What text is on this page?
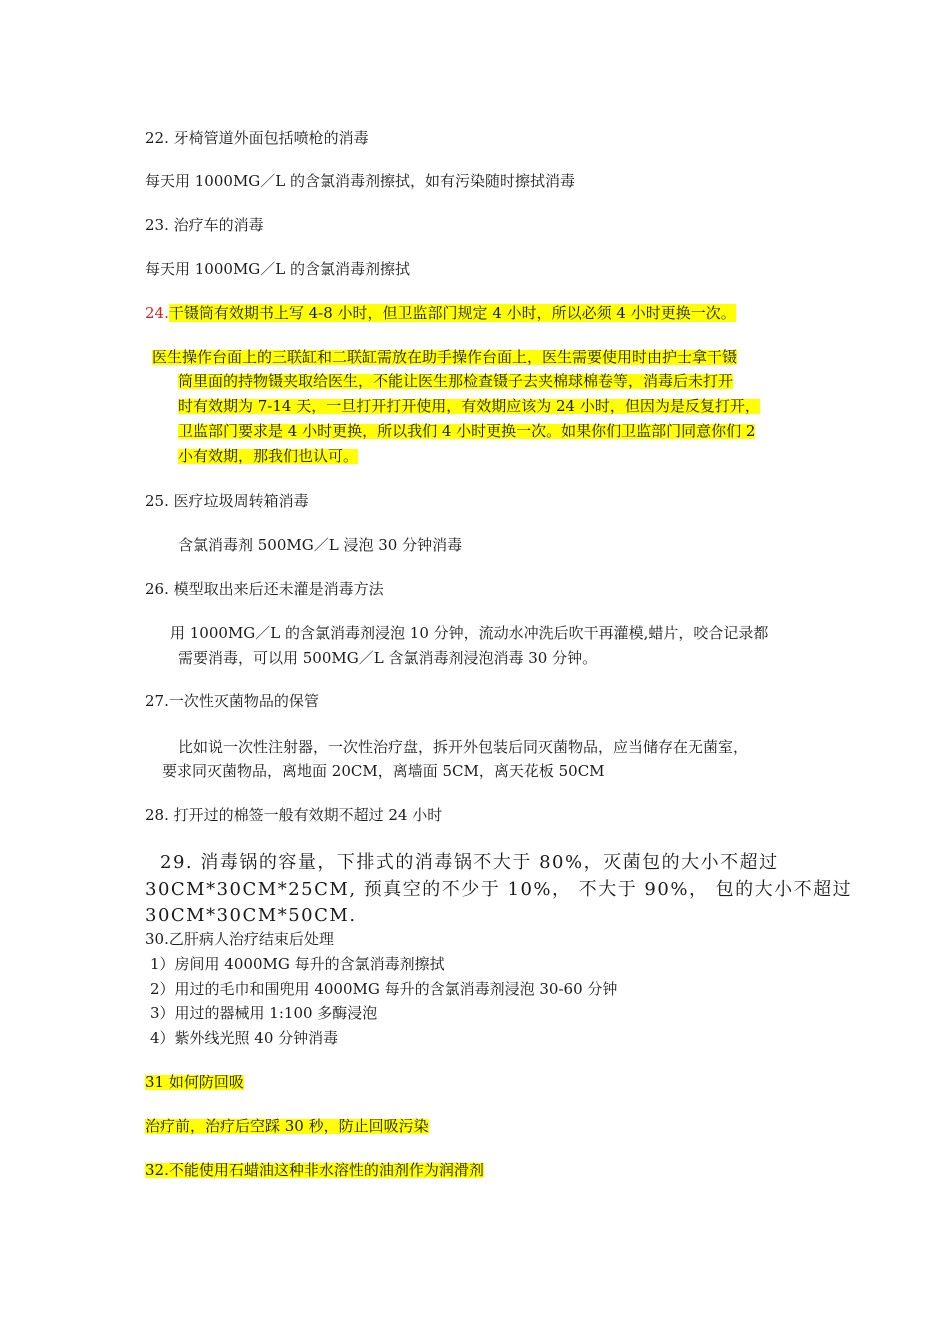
22. 牙椅管道外面包括喷枪的消毒
每天用 1000MG／L 的含氯消毒剂擦拭，如有污染随时擦拭消毒
23. 治疗车的消毒
每天用 1000MG／L 的含氯消毒剂擦拭
24.干镊筒有效期书上写 4-8 小时，但卫监部门规定 4 小时，所以必须 4 小时更换一次。
医生操作台面上的三联缸和二联缸需放在助手操作台面上，医生需要使用时由护士拿干镊
筒里面的持物镊夹取给医生，不能让医生那检查镊子去夹棉球棉卷等，消毒后未打开
时有效期为 7-14 天，一旦打开打开使用，有效期应该为 24 小时，但因为是反复打开，
卫监部门要求是 4 小时更换，所以我们 4 小时更换一次。如果你们卫监部门同意你们 2
小有效期，那我们也认可。
25. 医疗垃圾周转箱消毒
含氯消毒剂 500MG／L 浸泡 30 分钟消毒
26. 模型取出来后还未灌是消毒方法
用 1000MG／L 的含氯消毒剂浸泡 10 分钟，流动水冲洗后吹干再灌模,蜡片，咬合记录都
需要消毒，可以用 500MG／L 含氯消毒剂浸泡消毒 30 分钟。
27.一次性灭菌物品的保管
比如说一次性注射器，一次性治疗盘，拆开外包装后同灭菌物品，应当储存在无菌室，
要求同灭菌物品，离地面 20CM，离墙面 5CM，离天花板 50CM
28. 打开过的棉签一般有效期不超过 24 小时
29. 消毒锅的容量，下排式的消毒锅不大于 80%，灭菌包的大小不超过
30CM*30CM*25CM, 预真空的不少于 10%， 不大于 90%， 包的大小不超过
30CM*30CM*50CM.
30.乙肝病人治疗结束后处理
1）房间用 4000MG 每升的含氯消毒剂擦拭
2）用过的毛巾和围兜用 4000MG 每升的含氯消毒剂浸泡 30-60 分钟
3）用过的器械用 1:100 多酶浸泡
4）紫外线光照 40 分钟消毒
31 如何防回吸
治疗前，治疗后空踩 30 秒，防止回吸污染
32.不能使用石蜡油这种非水溶性的油剂作为润滑剂
